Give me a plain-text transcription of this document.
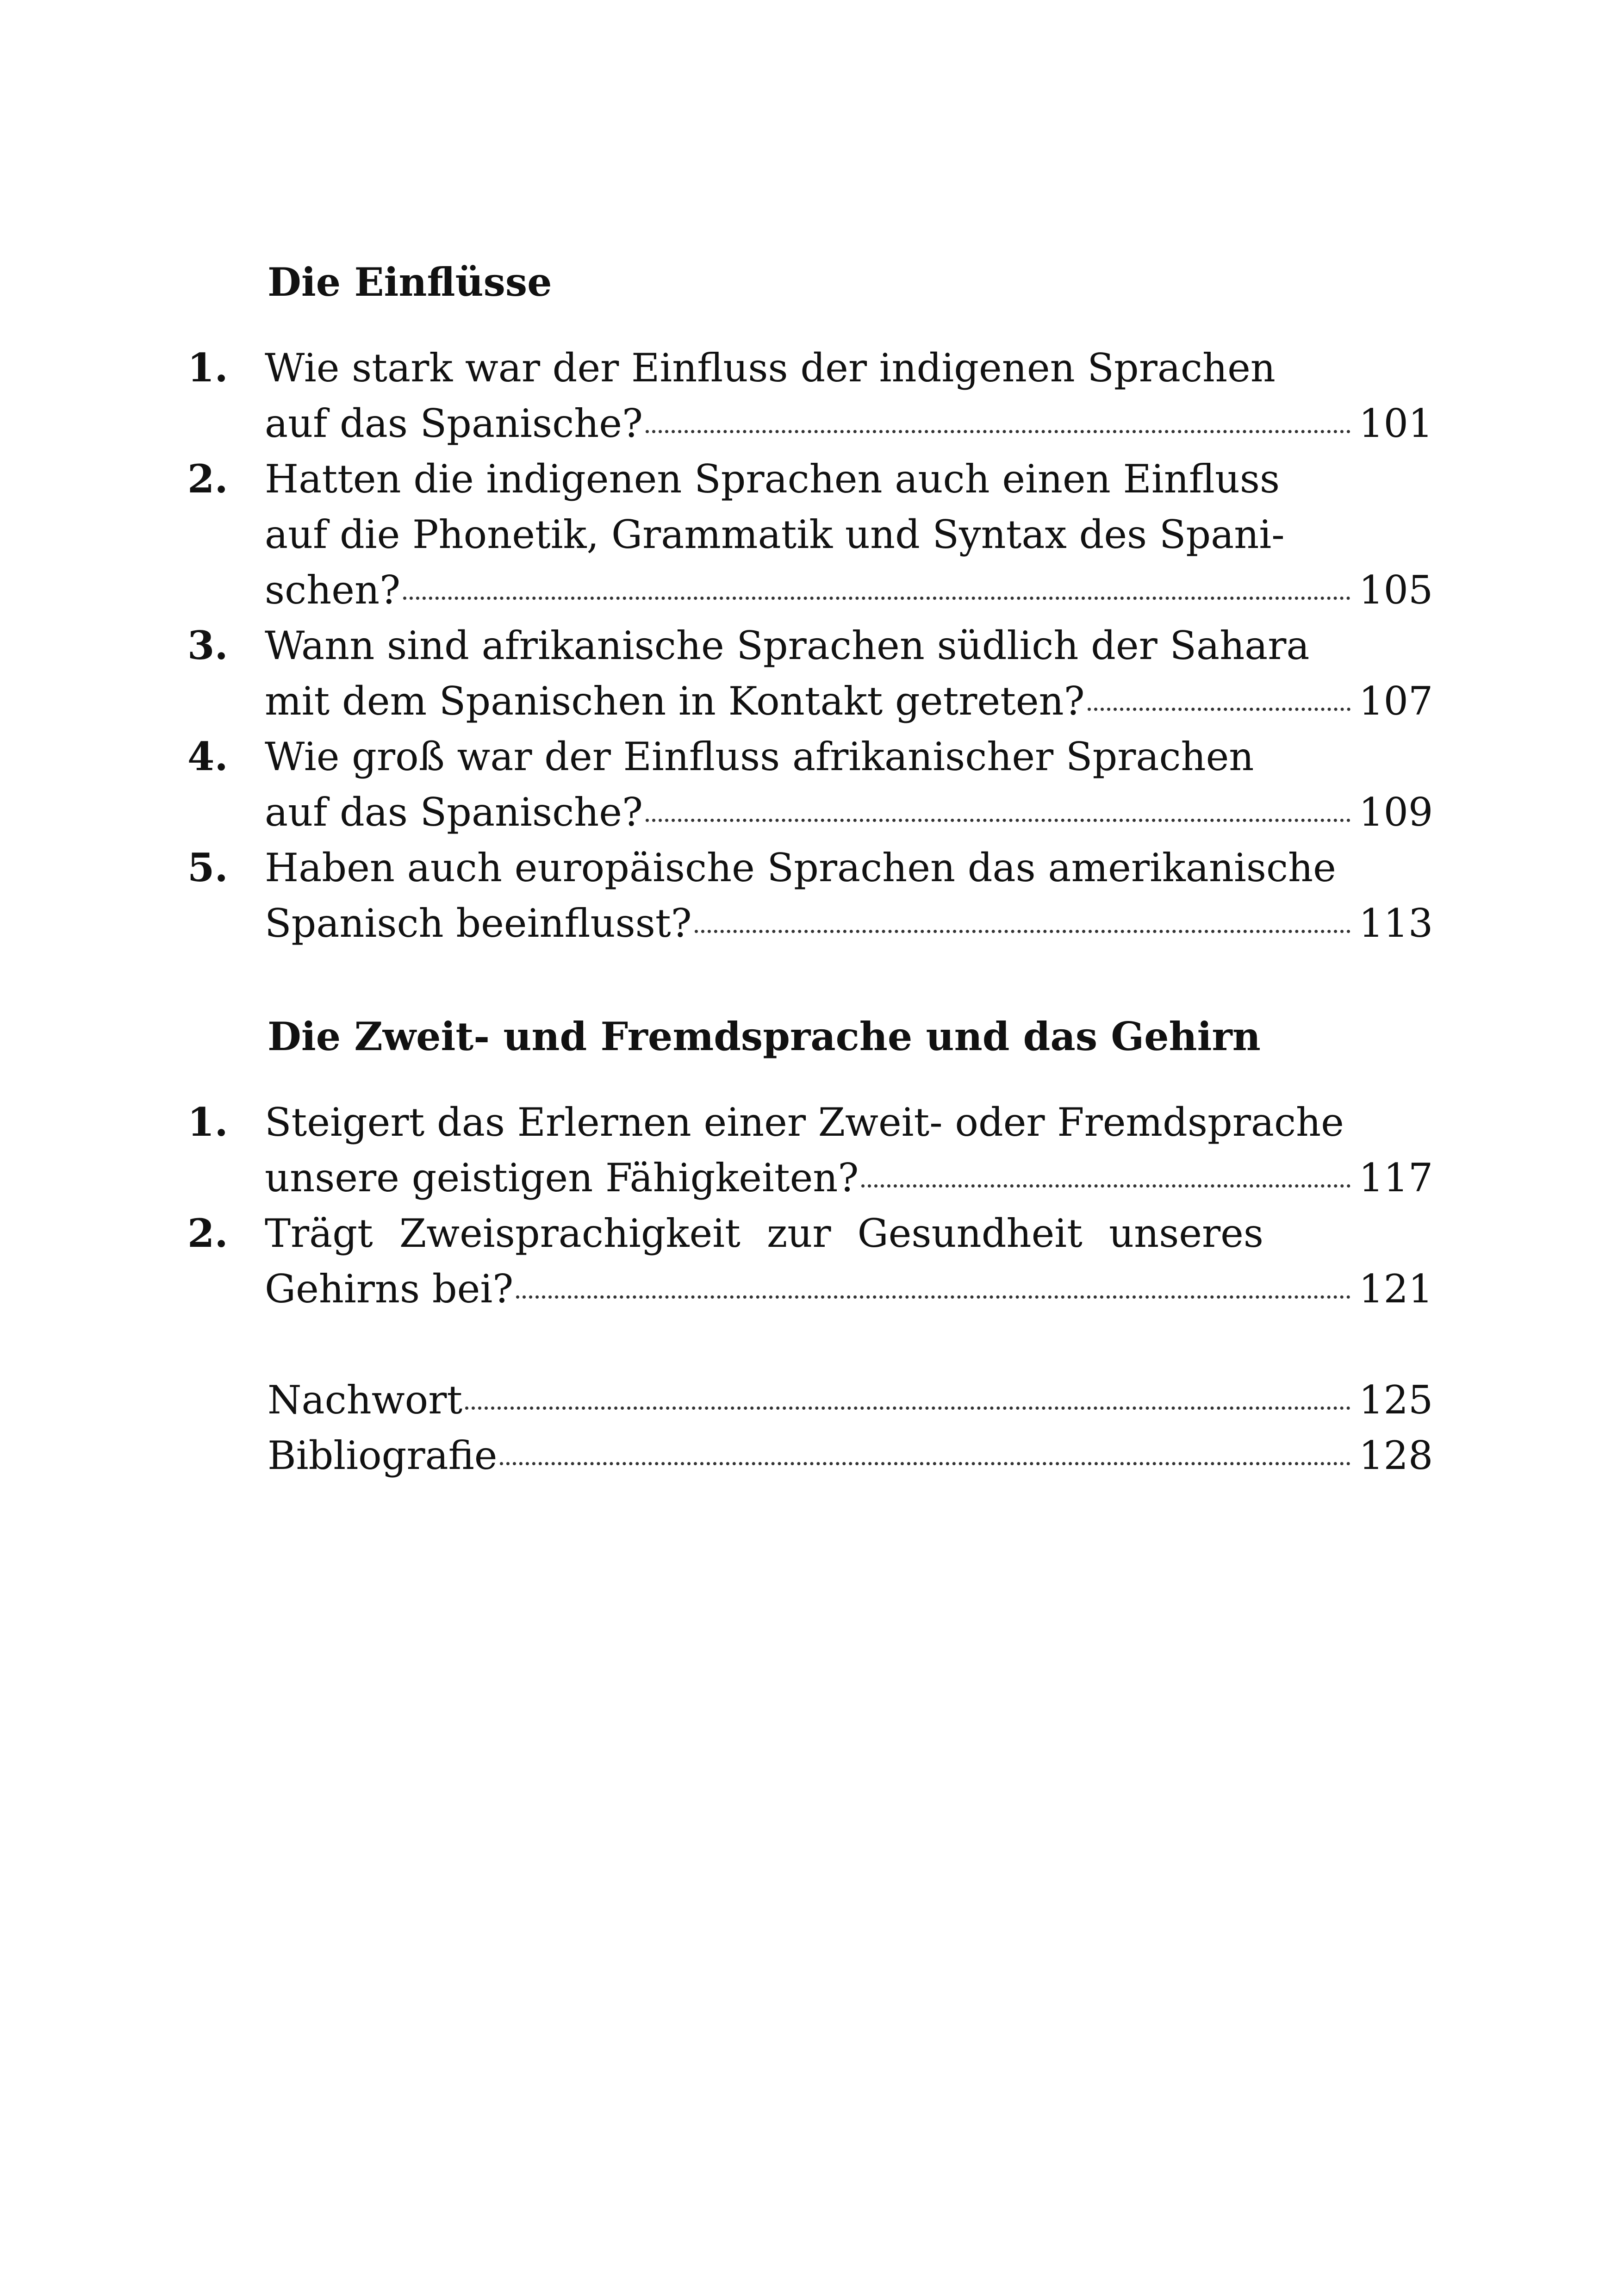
Die Einflüsse
1. Wie stark war der Einfluss der indigenen Sprachen
auf das Spanische?	101
2. Hatten die indigenen Sprachen auch einen Einfluss
auf die Phonetik, Grammatik und Syntax des Spani-
schen?	105
3. Wann sind afrikanische Sprachen südlich der Sahara
mit dem Spanischen in Kontakt getreten?	107
4. Wie groß war der Einfluss afrikanischer Sprachen
auf das Spanische?	109
5. Haben auch europäische Sprachen das amerikanische
Spanisch beeinflusst?	113
Die Zweit- und Fremdsprache und das Gehirn
1. Steigert das Erlernen einer Zweit- oder Fremdsprache
unsere geistigen Fähigkeiten?	117
2. Trägt Zweisprachigkeit zur Gesundheit unseres
Gehirns bei?	121
Nachwort	125
Bibliografie	128
